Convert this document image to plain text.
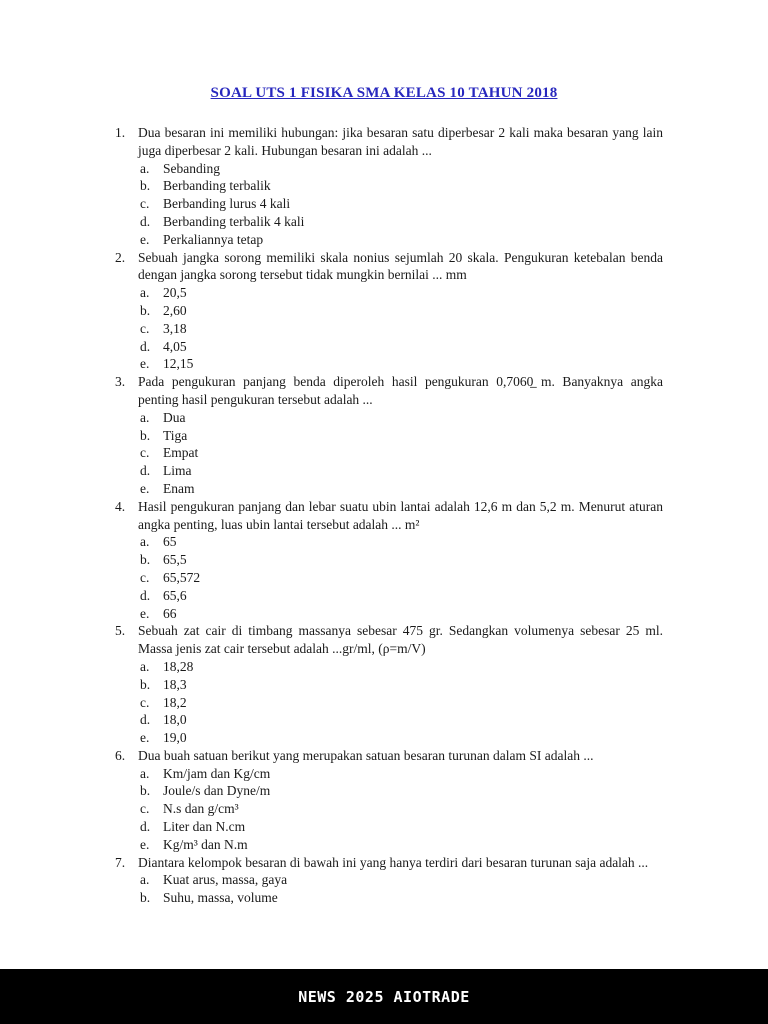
SOAL UTS 1 FISIKA SMA KELAS 10 TAHUN 2018
1. Dua besaran ini memiliki hubungan: jika besaran satu diperbesar 2 kali maka besaran yang lain juga diperbesar 2 kali. Hubungan besaran ini adalah ...
a.	Sebanding
b. Berbanding terbalik
c.	Berbanding lurus 4 kali
d. Berbanding terbalik 4 kali
e.	Perkaliannya tetap
2. Sebuah jangka sorong memiliki skala nonius sejumlah 20 skala. Pengukuran ketebalan benda dengan jangka sorong tersebut tidak mungkin bernilai ... mm
a.	20,5
b. 2,60
c.	3,18
d. 4,05
e.	12,15
3. Pada pengukuran panjang benda diperoleh hasil pengukuran 0,7060̲ m. Banyaknya angka penting hasil pengukuran tersebut adalah ...
a.	Dua
b. Tiga
c.	Empat
d. Lima
e.	Enam
4. Hasil pengukuran panjang dan lebar suatu ubin lantai adalah 12,6 m dan 5,2 m. Menurut aturan angka penting, luas ubin lantai tersebut adalah ... m²
a.	65
b. 65,5
c.	65,572
d. 65,6
e.	66
5. Sebuah zat cair di timbang massanya sebesar 475 gr. Sedangkan volumenya sebesar 25 ml. Massa jenis zat cair tersebut adalah ...gr/ml, (ρ=m/V)
a.	18,28
b. 18,3
c.	18,2
d. 18,0
e.	19,0
6. Dua buah satuan berikut yang merupakan satuan besaran turunan dalam SI adalah ...
a.	Km/jam dan Kg/cm
b. Joule/s dan Dyne/m
c.	N.s dan g/cm³
d. Liter dan N.cm
e.	Kg/m³ dan N.m
7. Diantara kelompok besaran di bawah ini yang hanya terdiri dari besaran turunan saja adalah ...
a.	Kuat arus, massa, gaya
b. Suhu, massa, volume
NEWS 2025 AIOTRADE
